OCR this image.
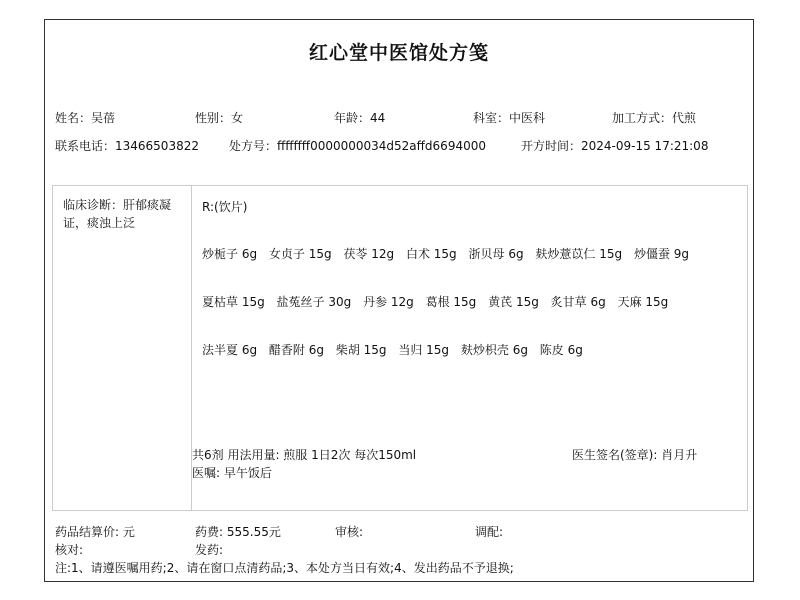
红心堂中医馆处方笺
姓名：吴蓓	性别：女	年龄：44	科室：中医科	加工方式：代煎
联系电话：13466503822	处方号：ffffffff0000000034d52affd6694000	开方时间：2024-09-15 17:21:08
临床诊断：肝郁痰凝证，痰浊上泛
R:(饮片)
炒栀子 6g 女贞子 15g 茯苓 12g 白术 15g 浙贝母 6g 麸炒薏苡仁 15g 炒僵蚕 9g
夏枯草 15g 盐菟丝子 30g 丹参 12g 葛根 15g 黄芪 15g 炙甘草 6g 天麻 15g
法半夏 6g 醋香附 6g 柴胡 15g 当归 15g 麸炒枳壳 6g 陈皮 6g
共6剂 用法用量: 煎服 1日2次 每次150ml
医嘱: 早午饭后
医生签名(签章): 肖月升
药品结算价: 元	药费: 555.55元	审核:	调配:
核对:	发药:
注:1、请遵医嘱用药;2、请在窗口点清药品;3、本处方当日有效;4、发出药品不予退换;
